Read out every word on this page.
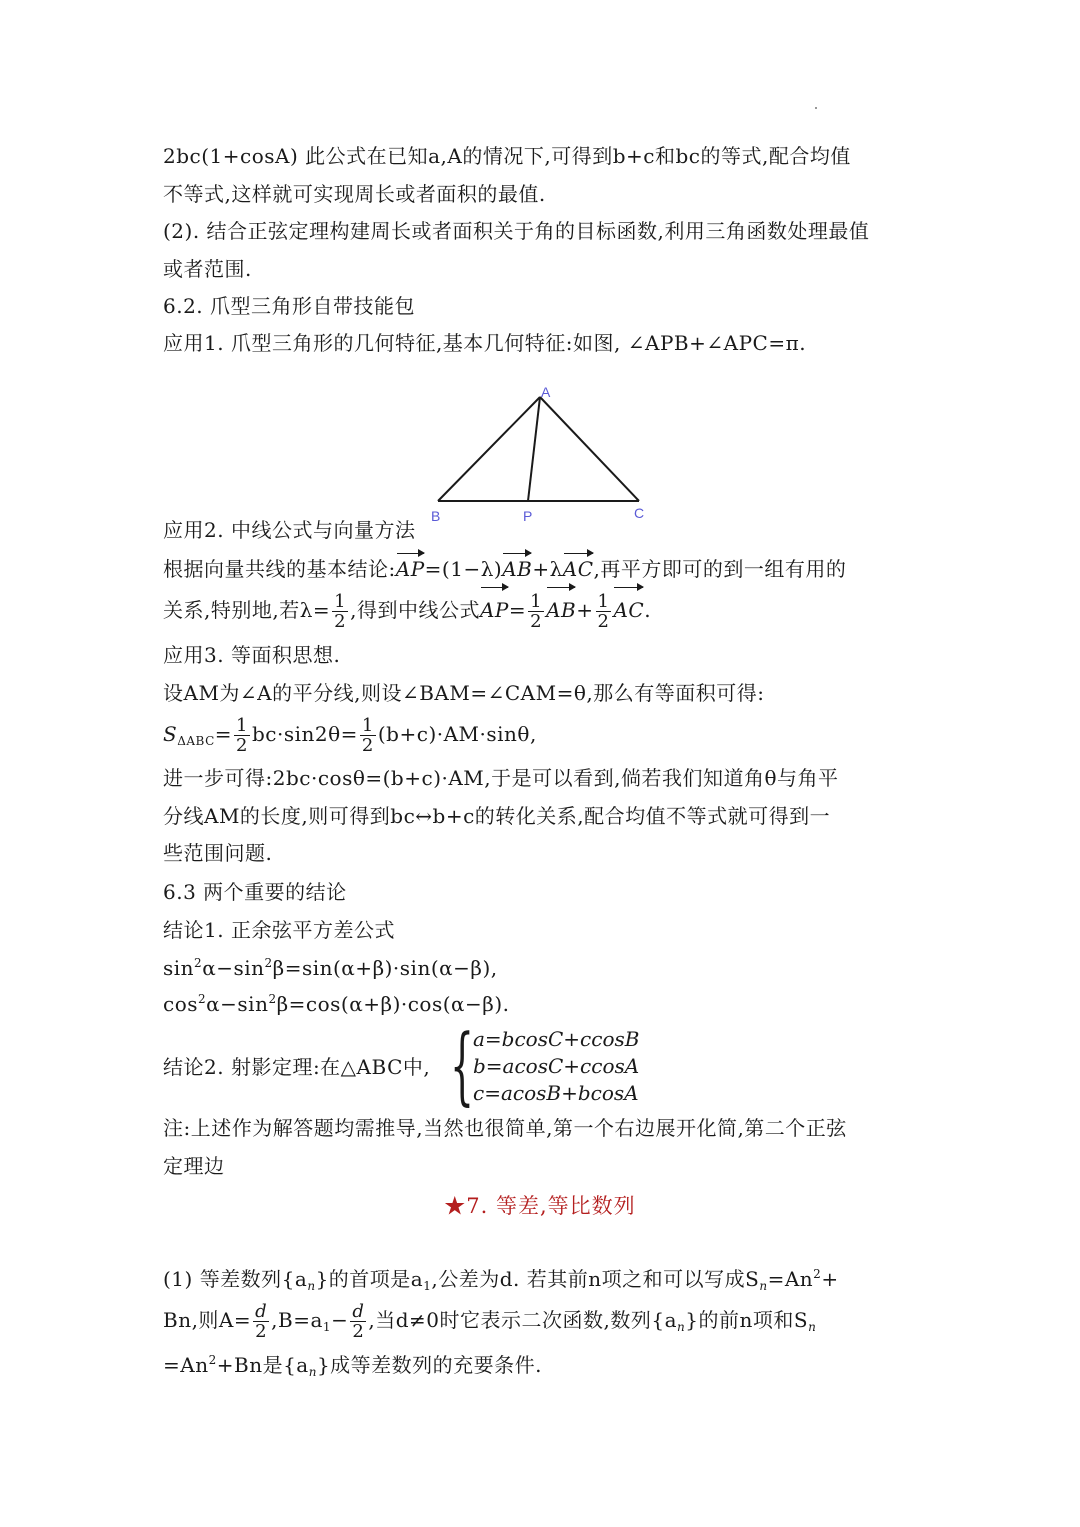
2bc(1+cosA) 此公式在已知a,A的情况下,可得到b+c和bc的等式,配合均值
不等式,这样就可实现周长或者面积的最值.
(2). 结合正弦定理构建周长或者面积关于角的目标函数,利用三角函数处理最值
或者范围.
6.2. 爪型三角形自带技能包
应用1. 爪型三角形的几何特征,基本几何特征:如图, ∠APB+∠APC=π.
A
B	P	C
应用2. 中线公式与向量方法
根据向量共线的基本结论:AP=(1−λ)AB+λAC,再平方即可的到一组有用的
关系,特别地,若$\lambda= \frac{1}{2}$ ,得到中线公式$AP= \frac{1}{2} AB+ \frac{1}{2}$ AC.
应用3. 等面积思想.
设AM为∠A的平分线,则设∠BAM=∠CAM=θ,那么有等面积可得:
$S_{\Delta ABC}= \frac{1}{2} bc\cdot\sin 2\theta= \frac{1}{2} (b+c)\cdot AM\cdot\sin\theta$,
进一步可得:2bc·cosθ=(b+c)·AM,于是可以看到,倘若我们知道角θ与角平
分线AM的长度,则可得到bc↔b+c的转化关系,配合均值不等式就可得到一
些范围问题.
6.3 两个重要的结论
结论1. 正余弦平方差公式
$\sin^2\alpha-\sin^2\beta=\sin(\alpha+\beta)\cdot\sin(\alpha-\beta)$,
$\cos^2\alpha-\sin^2\beta=\cos(\alpha+\beta)\cdot\cos(\alpha-\beta)$.
结论2. 射影定理:在△ABC中, {
a=bcosC+ccosB
b=acosC+ccosA
c=acosB+bcosA
注:上述作为解答题均需推导,当然也很简单,第一个右边展开化简,第二个正弦
定理边
★7. 等差,等比数列
(1) 等差数列$\{a_n\}$的首项是$a_1$,公差为d. 若其前n项之和可以写成$S_n=An^2+$
Bn,则$A= \frac{d}{2} ,B=a_1- \frac{d}{2}$ ,当d≠0时它表示二次函数,数列$\{a_n\}$的前n项和$S_n$
$=An^2+Bn$是$\{a_n\}$成等差数列的充要条件.
